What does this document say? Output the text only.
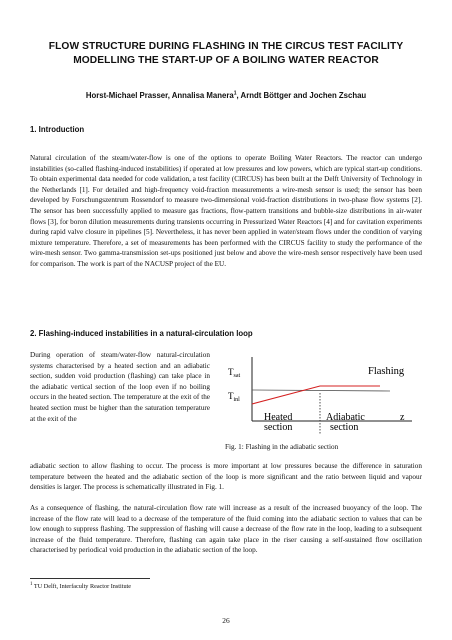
FLOW STRUCTURE DURING FLASHING IN THE CIRCUS TEST FACILITY MODELLING THE START-UP OF A BOILING WATER REACTOR
Horst-Michael Prasser, Annalisa Manera$^1$, Arndt Böttger and Jochen Zschau
1. Introduction

Natural circulation of the steam/water-flow is one of the options to operate Boiling Water Reactors. The reactor can undergo instabilities (so-called flashing-induced instabilities) if operated at low pressures and low powers, which are typical start-up conditions. To obtain experimental data needed for code validation, a test facility (CIRCUS) has been built at the Delft University of Technology in the Netherlands [1]. For detailed and high-frequency void-fraction measurements a wire-mesh sensor is used; the sensor has been developed by Forschungszentrum Rossendorf to measure two-dimensional void-fraction distributions in two-phase flow systems [2]. The sensor has been successfully applied to measure gas fractions, flow-pattern transitions and bubble-size distributions in air-water flows [3], for boron dilution measurements during transients occurring in Pressurized Water Reactors [4] and for cavitation experiments during rapid valve closure in pipelines [5]. Nevertheless, it has never been applied in water/steam flows under the condition of varying mixture temperature. Therefore, a set of measurements has been performed with the CIRCUS facility to study the performance of the wire-mesh sensor. Two gamma-transmission set-ups positioned just below and above the wire-mesh sensor respectively have been used for comparison. The work is part of the NACUSP project of the EU.

2. Flashing-induced instabilities in a natural-circulation loop

During operation of steam/water-flow natural-circulation systems characterised by a heated section and an adiabatic section, sudden void production (flashing) can take place in the adiabatic vertical section of the loop even if no boiling occurs in the heated section. The temperature at the exit of the heated section must be higher than the saturation temperature at the exit of the

adiabatic section to allow flashing to occur. The process is more important at low pressures because the difference in saturation temperature between the heated and the adiabatic section of the loop is more significant and the ratio between liquid and vapour densities is larger. The process is schematically illustrated in Fig. 1.

As a consequence of flashing, the natural-circulation flow rate will increase as a result of the increased buoyancy of the loop. The increase of the flow rate will lead to a decrease of the temperature of the fluid coming into the adiabatic section to values that can be low enough to suppress flashing. The suppression of flashing will cause a decrease of the flow rate in the loop, leading to a subsequent increase of the fluid temperature. Therefore, flashing can again take place in the riser causing a self-sustained flow oscillation characterised by periodical void production in the adiabatic section of the loop.

$T_{sat}$
$T_{inl}$
Flashing
Heated
section
Adiabatic
section
z
Fig. 1: Flashing in the adiabatic section
$^1$ TU Delft, Interfaculty Reactor Institute
26
